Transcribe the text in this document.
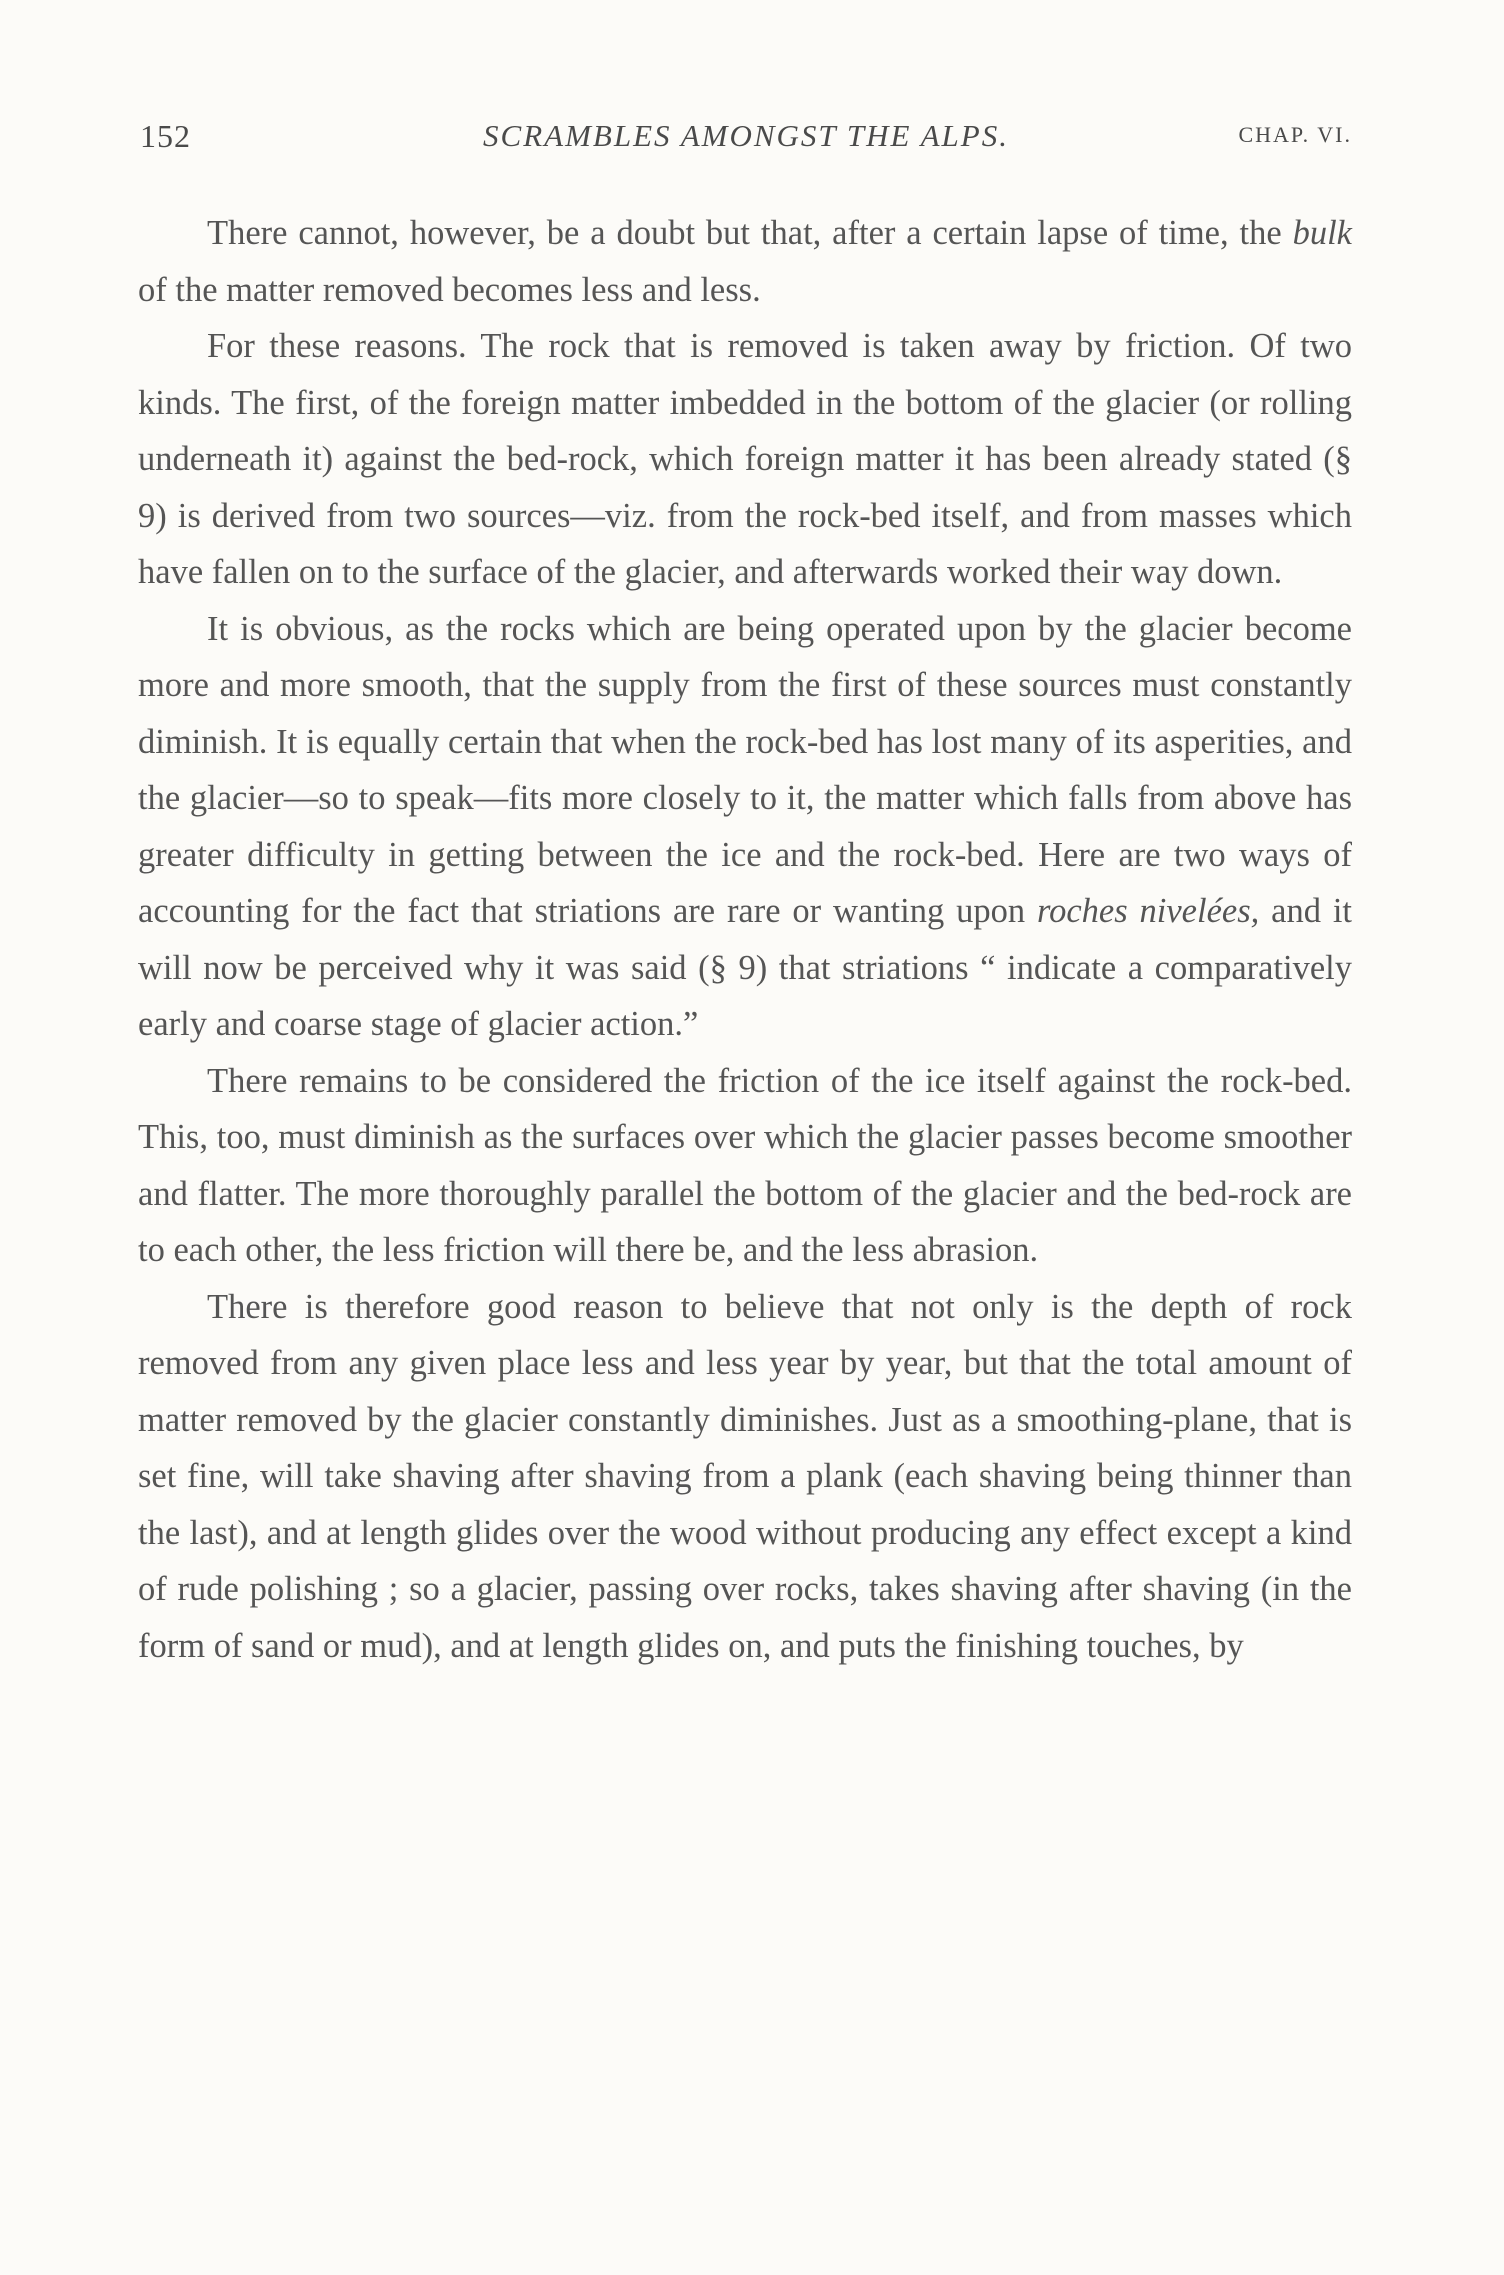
152	SCRAMBLES AMONGST THE ALPS.	CHAP. VI.

There cannot, however, be a doubt but that, after a certain lapse of time, the bulk of the matter removed becomes less and less.

For these reasons. The rock that is removed is taken away by friction. Of two kinds. The first, of the foreign matter imbedded in the bottom of the glacier (or rolling underneath it) against the bed-rock, which foreign matter it has been already stated (§ 9) is derived from two sources—viz. from the rock-bed itself, and from masses which have fallen on to the surface of the glacier, and afterwards worked their way down.

It is obvious, as the rocks which are being operated upon by the glacier become more and more smooth, that the supply from the first of these sources must constantly diminish. It is equally certain that when the rock-bed has lost many of its asperities, and the glacier—so to speak—fits more closely to it, the matter which falls from above has greater difficulty in getting between the ice and the rock-bed. Here are two ways of accounting for the fact that striations are rare or wanting upon roches nivelées, and it will now be perceived why it was said (§ 9) that striations “ indicate a comparatively early and coarse stage of glacier action.”

There remains to be considered the friction of the ice itself against the rock-bed. This, too, must diminish as the surfaces over which the glacier passes become smoother and flatter. The more thoroughly parallel the bottom of the glacier and the bed-rock are to each other, the less friction will there be, and the less abrasion.

There is therefore good reason to believe that not only is the depth of rock removed from any given place less and less year by year, but that the total amount of matter removed by the glacier constantly diminishes. Just as a smoothing-plane, that is set fine, will take shaving after shaving from a plank (each shaving being thinner than the last), and at length glides over the wood without producing any effect except a kind of rude polishing ; so a glacier, passing over rocks, takes shaving after shaving (in the form of sand or mud), and at length glides on, and puts the finishing touches, by
